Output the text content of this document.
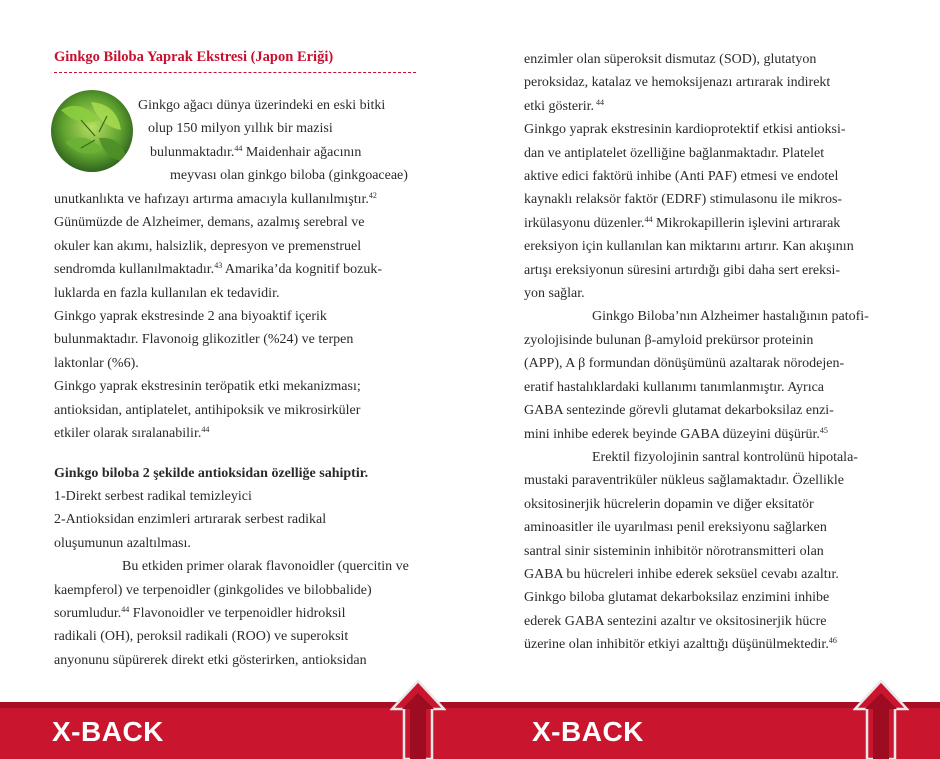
Ginkgo Biloba Yaprak Ekstresi (Japon Eriği)
Ginkgo ağacı dünya üzerindeki en eski bitki
olup 150 milyon yıllık bir mazisi
bulunmaktadır.$^{44}$ Maidenhair ağacının
meyvası olan ginkgo biloba (ginkgoaceae)
unutkanlıkta ve hafızayı artırma amacıyla kullanılmıştır.$^{42}$
Günümüzde de Alzheimer, demans, azalmış serebral ve
okuler kan akımı, halsizlik, depresyon ve premenstruel
sendromda kullanılmaktadır.$^{43}$ Amarika’da kognitif bozuk-
luklarda en fazla kullanılan ek tedavidir.
Ginkgo yaprak ekstresinde 2 ana biyoaktif içerik
bulunmaktadır. Flavonoig glikozitler (%24) ve terpen
laktonlar (%6).
Ginkgo yaprak ekstresinin teröpatik etki mekanizması;
antioksidan, antiplatelet, antihipoksik ve mikrosirküler
etkiler olarak sıralanabilir.$^{44}$
Ginkgo biloba 2 şekilde antioksidan özelliğe sahiptir.
1-Direkt serbest radikal temizleyici
2-Antioksidan enzimleri artırarak serbest radikal
oluşumunun azaltılması.
Bu etkiden primer olarak flavonoidler (quercitin ve
kaempferol) ve terpenoidler (ginkgolides ve bilobbalide)
sorumludur.$^{44}$ Flavonoidler ve terpenoidler hidroksil
radikali (OH), peroksil radikali (ROO) ve superoksit
anyonunu süpürerek direkt etki gösterirken, antioksidan
X-BACK
enzimler olan süperoksit dismutaz (SOD), glutatyon
peroksidaz, katalaz ve hemoksijenazı artırarak indirekt
etki gösterir. $^{44}$
Ginkgo yaprak ekstresinin kardioprotektif etkisi antioksi-
dan ve antiplatelet özelliğine bağlanmaktadır. Platelet
aktive edici faktörü inhibe (Anti PAF) etmesi ve endotel
kaynaklı relaksör faktör (EDRF) stimulasonu ile mikros-
irkülasyonu düzenler.$^{44}$ Mikrokapillerin işlevini artırarak
ereksiyon için kullanılan kan miktarını artırır. Kan akışının
artışı ereksiyonun süresini artırdığı gibi daha sert ereksi-
yon sağlar.
Ginkgo Biloba’nın Alzheimer hastalığının patofi-
zyolojisinde bulunan β-amyloid prekürsor proteinin
(APP), A β formundan dönüşümünü azaltarak nörodejen-
eratif hastalıklardaki kullanımı tanımlanmıştır. Ayrıca
GABA sentezinde görevli glutamat dekarboksilaz enzi-
mini inhibe ederek beyinde GABA düzeyini düşürür.$^{45}$
Erektil fizyolojinin santral kontrolünü hipotala-
mustaki paraventriküler nükleus sağlamaktadır. Özellikle
oksitosinerjik hücrelerin dopamin ve diğer eksitatör
aminoasitler ile uyarılması penil ereksiyonu sağlarken
santral sinir sisteminin inhibitör nörotransmitteri olan
GABA bu hücreleri inhibe ederek seksüel cevabı azaltır.
Ginkgo biloba glutamat dekarboksilaz enzimini inhibe
ederek GABA sentezini azaltır ve oksitosinerjik hücre
üzerine olan inhibitör etkiyi azalttığı düşünülmektedir.$^{46}$
X-BACK
